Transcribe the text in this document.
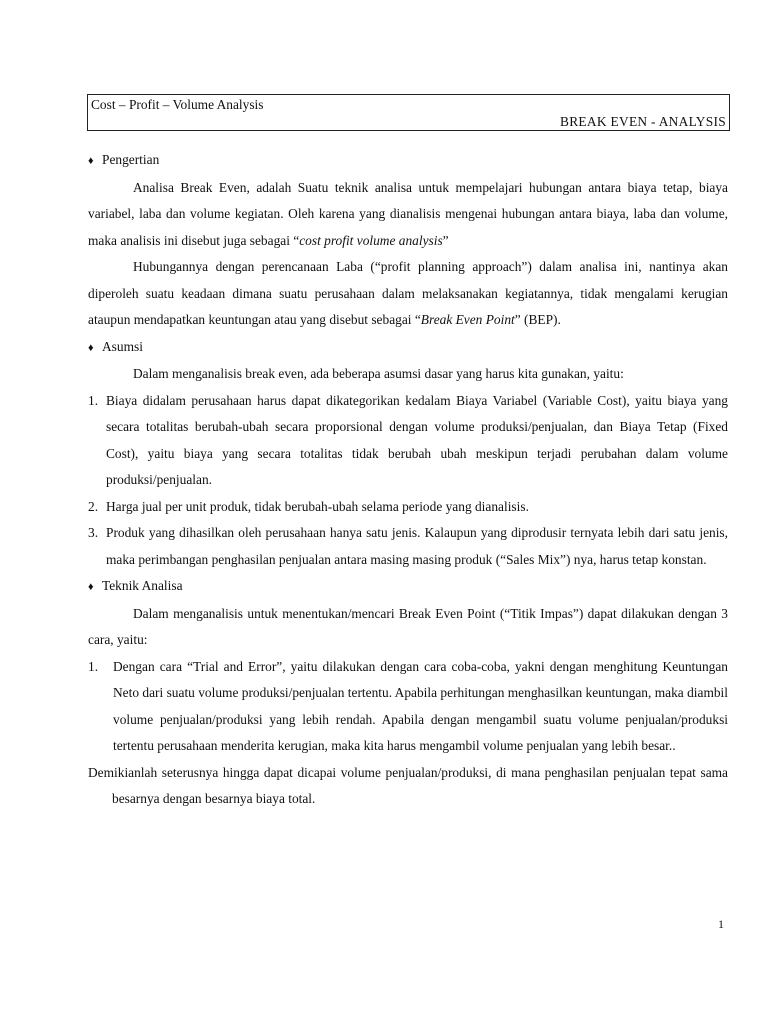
Cost – Profit – Volume Analysis
BREAK EVEN - ANALYSIS

♦ Pengertian

Analisa Break Even, adalah Suatu teknik analisa untuk mempelajari hubungan antara biaya tetap, biaya variabel, laba dan volume kegiatan. Oleh karena yang dianalisis mengenai hubungan antara biaya, laba dan volume, maka analisis ini disebut juga sebagai “cost profit volume analysis”

Hubungannya dengan perencanaan Laba (“profit planning approach”) dalam analisa ini, nantinya akan diperoleh suatu keadaan dimana suatu perusahaan dalam melaksanakan kegiatannya, tidak mengalami kerugian ataupun mendapatkan keuntungan atau yang disebut sebagai “Break Even Point” (BEP).

♦ Asumsi

Dalam menganalisis break even, ada beberapa asumsi dasar yang harus kita gunakan, yaitu:

1. Biaya didalam perusahaan harus dapat dikategorikan kedalam Biaya Variabel (Variable Cost), yaitu biaya yang secara totalitas berubah-ubah secara proporsional dengan volume produksi/penjualan, dan Biaya Tetap (Fixed Cost), yaitu biaya yang secara totalitas tidak berubah ubah meskipun terjadi perubahan dalam volume produksi/penjualan.
2. Harga jual per unit produk, tidak berubah-ubah selama periode yang dianalisis.
3. Produk yang dihasilkan oleh perusahaan hanya satu jenis. Kalaupun yang diprodusir ternyata lebih dari satu jenis, maka perimbangan penghasilan penjualan antara masing masing produk (“Sales Mix”) nya, harus tetap konstan.

♦ Teknik Analisa

Dalam menganalisis untuk menentukan/mencari Break Even Point (“Titik Impas”) dapat dilakukan dengan 3 cara, yaitu:

1. Dengan cara “Trial and Error”, yaitu dilakukan dengan cara coba-coba, yakni dengan menghitung Keuntungan Neto dari suatu volume produksi/penjualan tertentu. Apabila perhitungan menghasilkan keuntungan, maka diambil volume penjualan/produksi yang lebih rendah. Apabila dengan mengambil suatu volume penjualan/produksi tertentu perusahaan menderita kerugian, maka kita harus mengambil volume penjualan yang lebih besar..

Demikianlah seterusnya hingga dapat dicapai volume penjualan/produksi, di mana penghasilan penjualan tepat sama besarnya dengan besarnya biaya total.

1
